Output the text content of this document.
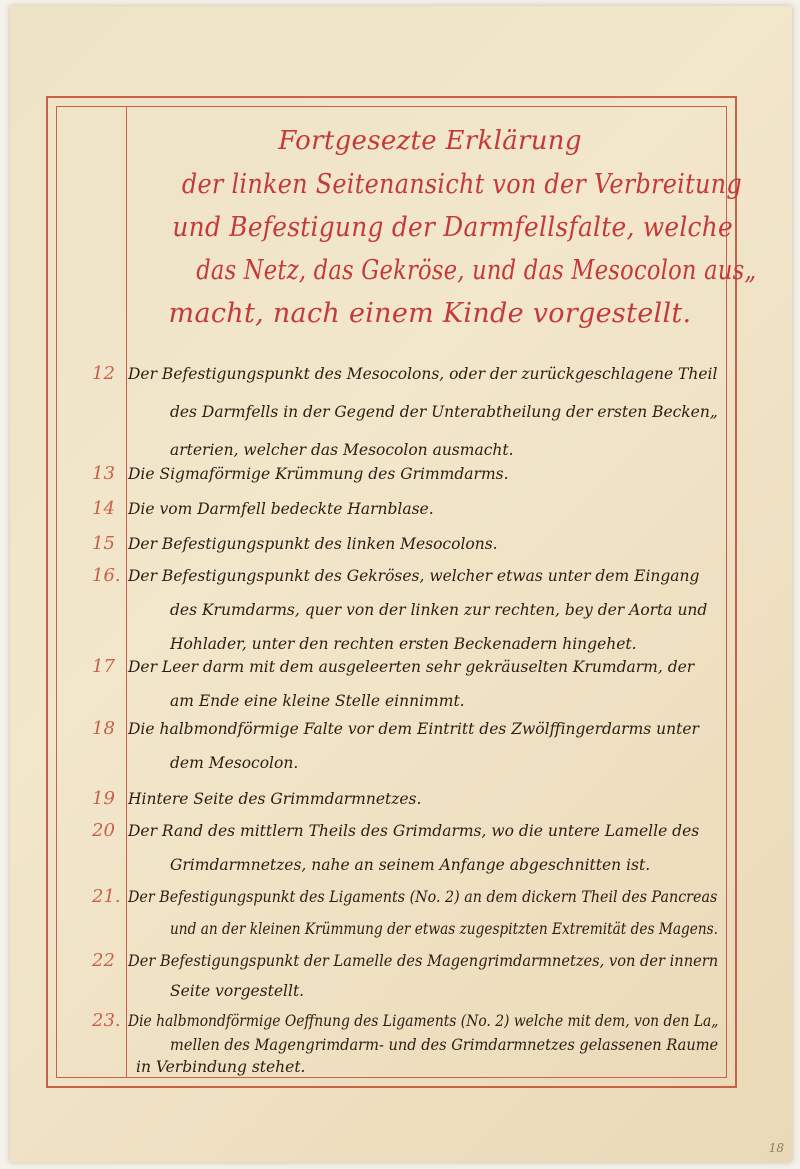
Fortgesezte Erklärung
der linken Seitenansicht von der Verbreitung
und Befestigung der Darmfellsfalte, welche
das Netz, das Gekröse, und das Mesocolon aus„
macht, nach einem Kinde vorgestellt.
12 Der Befestigungspunkt des Mesocolons, oder der zurückgeschlagene Theil
des Darmfells in der Gegend der Unterabtheilung der ersten Becken„
arterien, welcher das Mesocolon ausmacht.
13 Die Sigmaförmige Krümmung des Grimmdarms.
14 Die vom Darmfell bedeckte Harnblase.
15 Der Befestigungspunkt des linken Mesocolons.
16. Der Befestigungspunkt des Gekröses, welcher etwas unter dem Eingang
des Krumdarms, quer von der linken zur rechten, bey der Aorta und
Hohlader, unter den rechten ersten Beckenadern hingehet.
17 Der Leer darm mit dem ausgeleerten sehr gekräuselten Krumdarm, der
am Ende eine kleine Stelle einnimmt.
18 Die halbmondförmige Falte vor dem Eintritt des Zwölffingerdarms unter
dem Mesocolon.
19 Hintere Seite des Grimmdarmnetzes.
20 Der Rand des mittlern Theils des Grimdarms, wo die untere Lamelle des
Grimdarmnetzes, nahe an seinem Anfange abgeschnitten ist.
21. Der Befestigungspunkt des Ligaments (No. 2) an dem dickern Theil des Pancreas
und an der kleinen Krümmung der etwas zugespitzten Extremität des Magens.
22 Der Befestigungspunkt der Lamelle des Magengrimdarmnetzes, von der innern
Seite vorgestellt.
23. Die halbmondförmige Oeffnung des Ligaments (No. 2) welche mit dem, von den La„
mellen des Magengrimdarm- und des Grimdarmnetzes gelassenen Raume
in Verbindung stehet.
18
